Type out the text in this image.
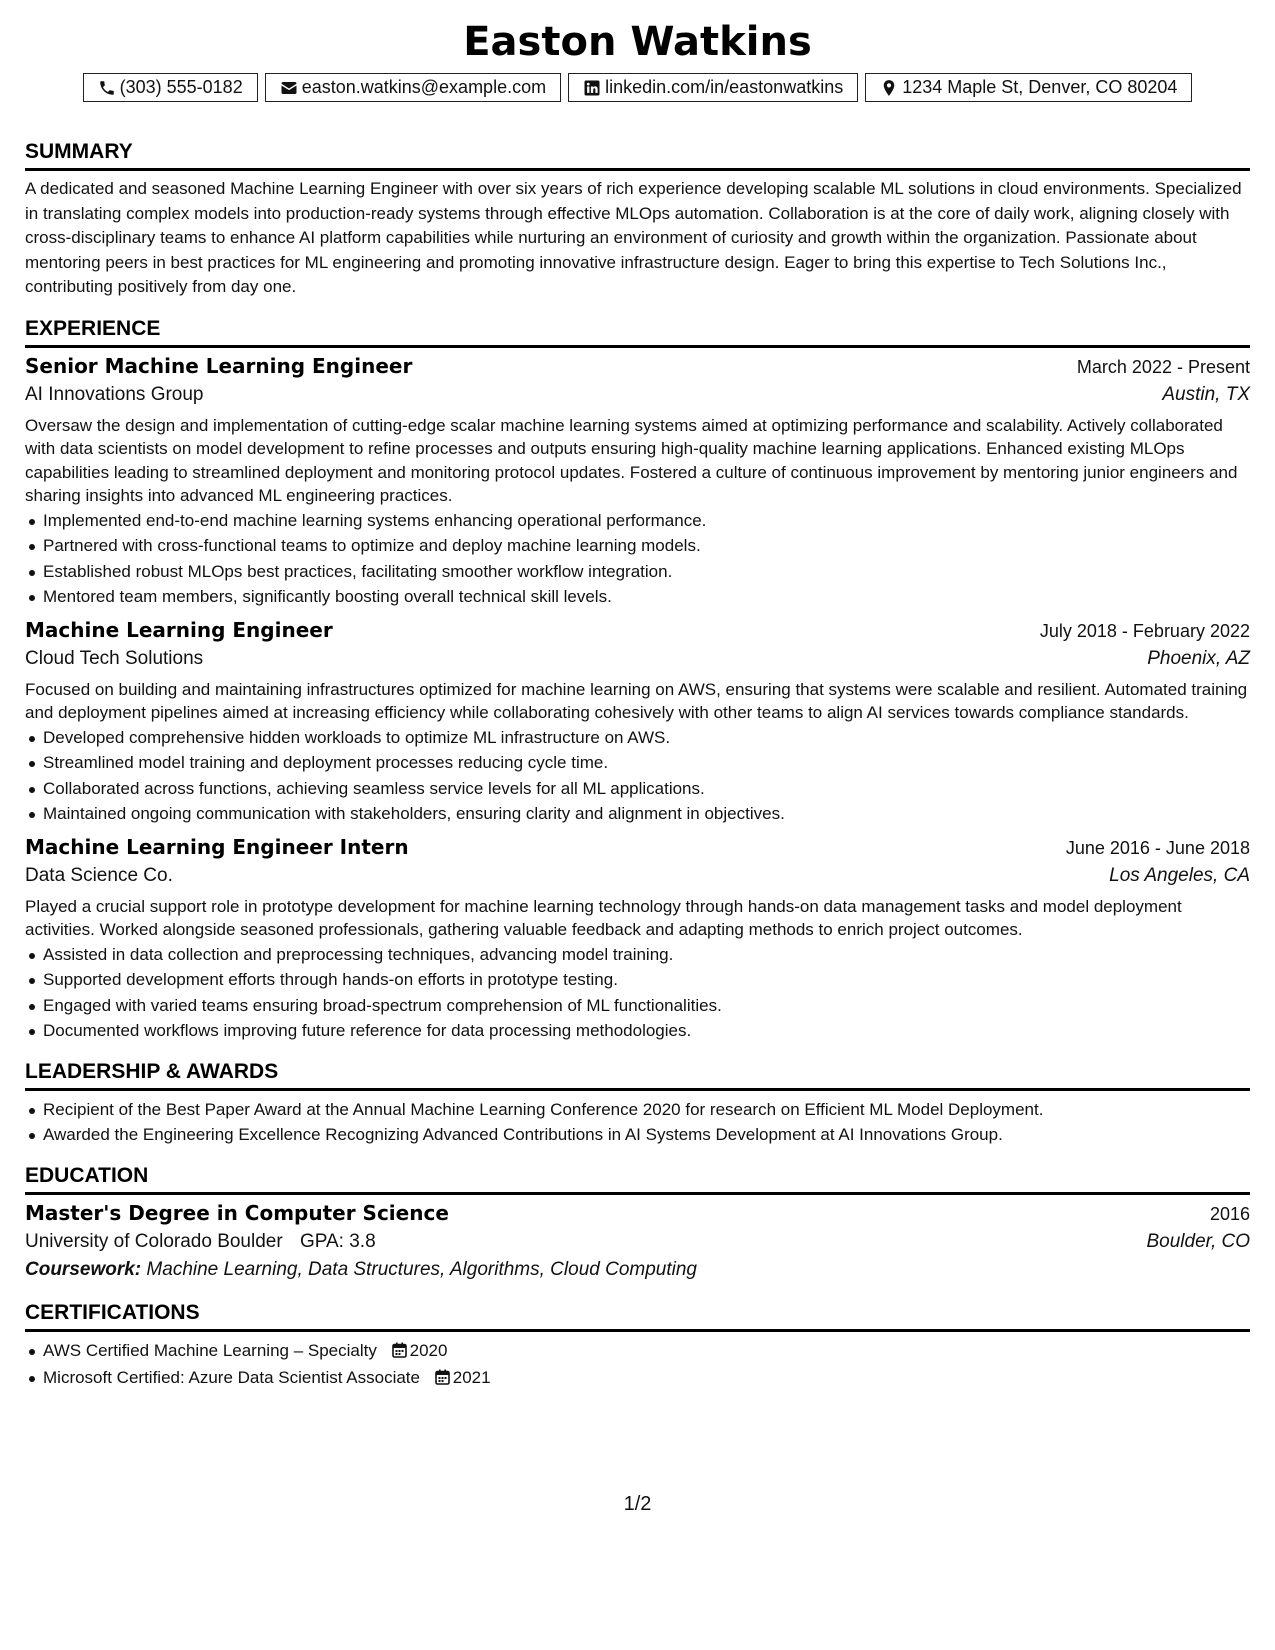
Easton Watkins
(303) 555-0182	easton.watkins@example.com	linkedin.com/in/eastonwatkins	1234 Maple St, Denver, CO 80204
SUMMARY

A dedicated and seasoned Machine Learning Engineer with over six years of rich experience developing scalable ML solutions in cloud environments. Specialized in translating complex models into production-ready systems through effective MLOps automation. Collaboration is at the core of daily work, aligning closely with cross-disciplinary teams to enhance AI platform capabilities while nurturing an environment of curiosity and growth within the organization. Passionate about mentoring peers in best practices for ML engineering and promoting innovative infrastructure design. Eager to bring this expertise to Tech Solutions Inc., contributing positively from day one.

EXPERIENCE
Senior Machine Learning Engineer	March 2022 - Present
AI Innovations Group	Austin, TX

Oversaw the design and implementation of cutting-edge scalar machine learning systems aimed at optimizing performance and scalability. Actively collaborated with data scientists on model development to refine processes and outputs ensuring high-quality machine learning applications. Enhanced existing MLOps capabilities leading to streamlined deployment and monitoring protocol updates. Fostered a culture of continuous improvement by mentoring junior engineers and sharing insights into advanced ML engineering practices.

Implemented end-to-end machine learning systems enhancing operational performance.
Partnered with cross-functional teams to optimize and deploy machine learning models.
Established robust MLOps best practices, facilitating smoother workflow integration.
Mentored team members, significantly boosting overall technical skill levels.
Machine Learning Engineer	July 2018 - February 2022
Cloud Tech Solutions	Phoenix, AZ

Focused on building and maintaining infrastructures optimized for machine learning on AWS, ensuring that systems were scalable and resilient. Automated training and deployment pipelines aimed at increasing efficiency while collaborating cohesively with other teams to align AI services towards compliance standards.

Developed comprehensive hidden workloads to optimize ML infrastructure on AWS.
Streamlined model training and deployment processes reducing cycle time.
Collaborated across functions, achieving seamless service levels for all ML applications.
Maintained ongoing communication with stakeholders, ensuring clarity and alignment in objectives.
Machine Learning Engineer Intern	June 2016 - June 2018
Data Science Co.	Los Angeles, CA

Played a crucial support role in prototype development for machine learning technology through hands-on data management tasks and model deployment activities. Worked alongside seasoned professionals, gathering valuable feedback and adapting methods to enrich project outcomes.

Assisted in data collection and preprocessing techniques, advancing model training.
Supported development efforts through hands-on efforts in prototype testing.
Engaged with varied teams ensuring broad-spectrum comprehension of ML functionalities.
Documented workflows improving future reference for data processing methodologies.
LEADERSHIP & AWARDS
Recipient of the Best Paper Award at the Annual Machine Learning Conference 2020 for research on Efficient ML Model Deployment.
Awarded the Engineering Excellence Recognizing Advanced Contributions in AI Systems Development at AI Innovations Group.
EDUCATION
Master's Degree in Computer Science	2016
University of Colorado Boulder GPA: 3.8	Boulder, CO
Coursework: Machine Learning, Data Structures, Algorithms, Cloud Computing
CERTIFICATIONS
AWS Certified Machine Learning – Specialty 2020
Microsoft Certified: Azure Data Scientist Associate 2021
1/2
